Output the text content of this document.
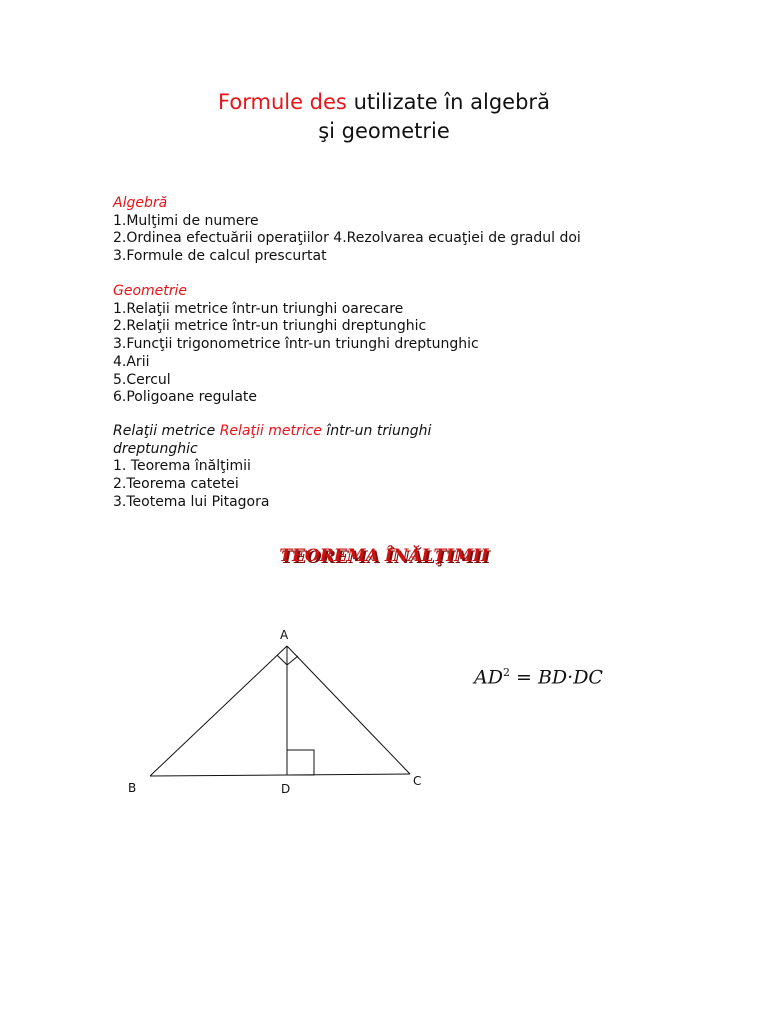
Formule des utilizate în algebră
şi geometrie
Algebră
1.Mulţimi de numere
2.Ordinea efectuării operaţiilor 4.Rezolvarea ecuaţiei de gradul doi
3.Formule de calcul prescurtat
Geometrie
1.Relaţii metrice într-un triunghi oarecare
2.Relaţii metrice într-un triunghi dreptunghic
3.Funcţii trigonometrice într-un triunghi dreptunghic
4.Arii
5.Cercul
6.Poligoane regulate
Relaţii metrice Relaţii metrice într-un triunghi
dreptunghic
1. Teorema înălţimii
2.Teorema catetei
3.Teotema lui Pitagora
TEOREMA ÎNĂLŢIMII
A
B	C
D
$AD^2 = BD\cdot DC$
